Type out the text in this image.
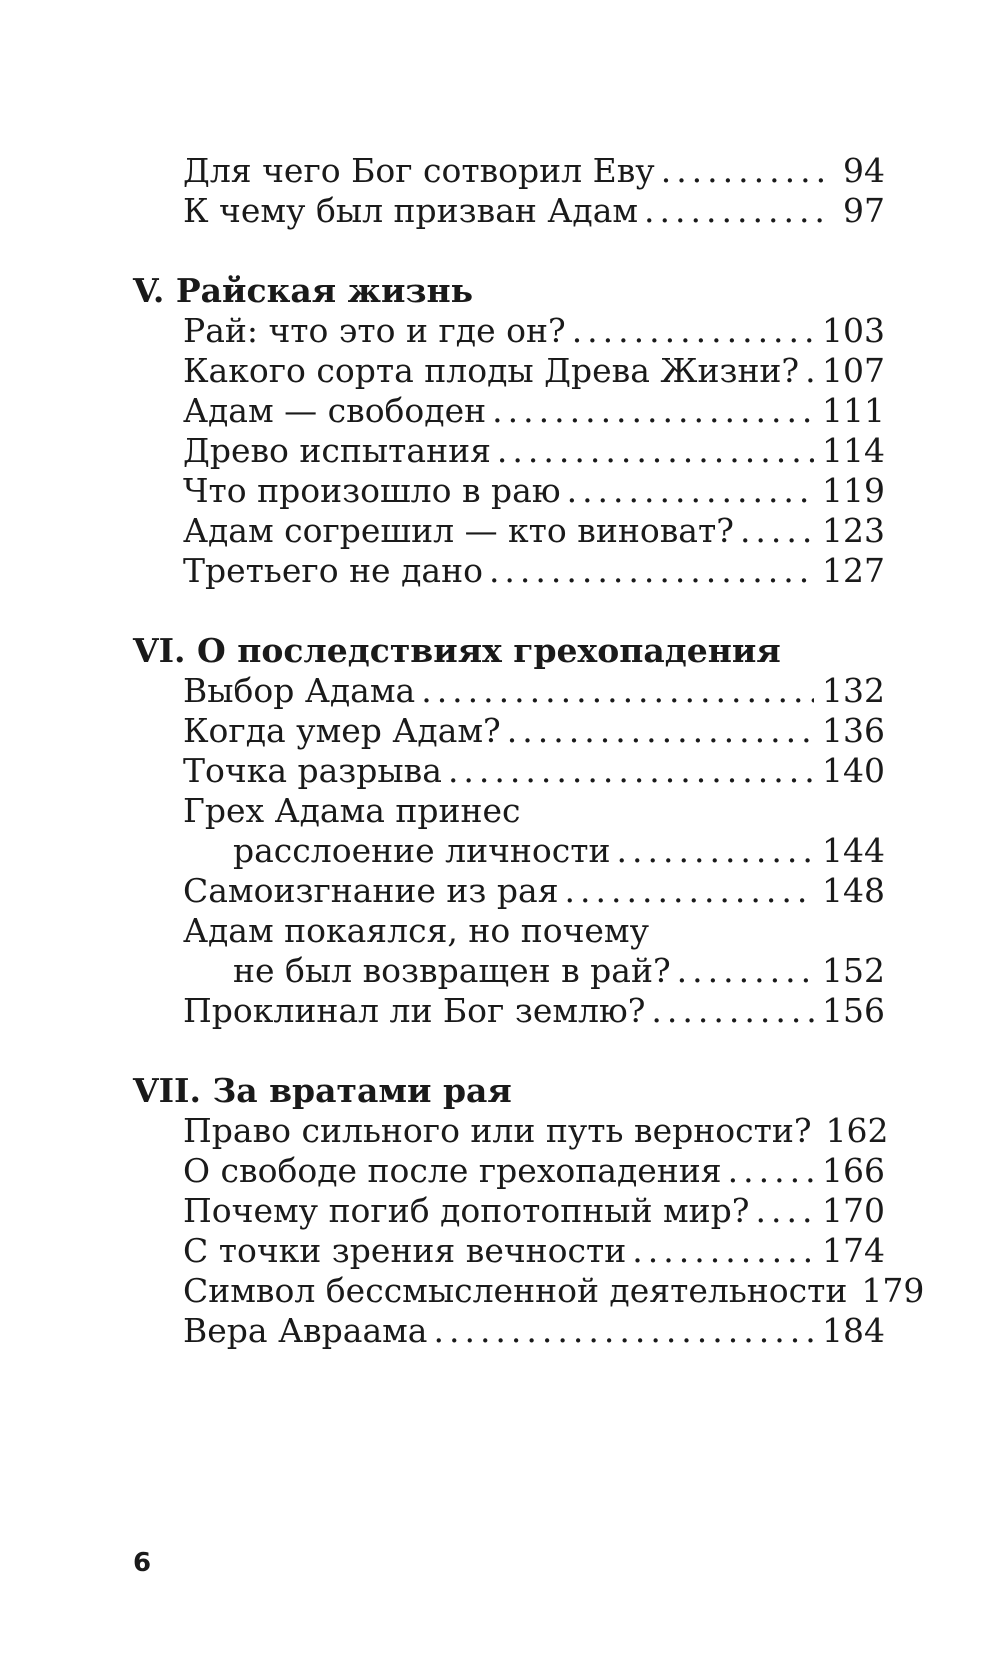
Для чего Бог сотворил Еву .....	94
К чему был призван Адам .....	97
V. Райская жизнь
Рай: что это и где он? .....	103
Какого сорта плоды Древа Жизни? ..... 107
Адам — свободен .....	111
Древо испытания .....	114
Что произошло в раю .....	119
Адам согрешил — кто виноват? .....	123
Третьего не дано .....	127
VI. О последствиях грехопадения
Выбор Адама .....	132
Когда умер Адам? .....	136
Точка разрыва .....	140
Грех Адама принес
расслоение личности .....	144
Самоизгнание из рая .....	148
Адам покаялся, но почему
не был возвращен в рай? .....	152
Проклинал ли Бог землю? .....	156
VII. За вратами рая
Право сильного или путь верности? 162
О свободе после грехопадения .....	166
Почему погиб допотопный мир? ..... 170
С точки зрения вечности .....	174
Символ бессмысленной деятельности 179
Вера Авраама .....	184
6
